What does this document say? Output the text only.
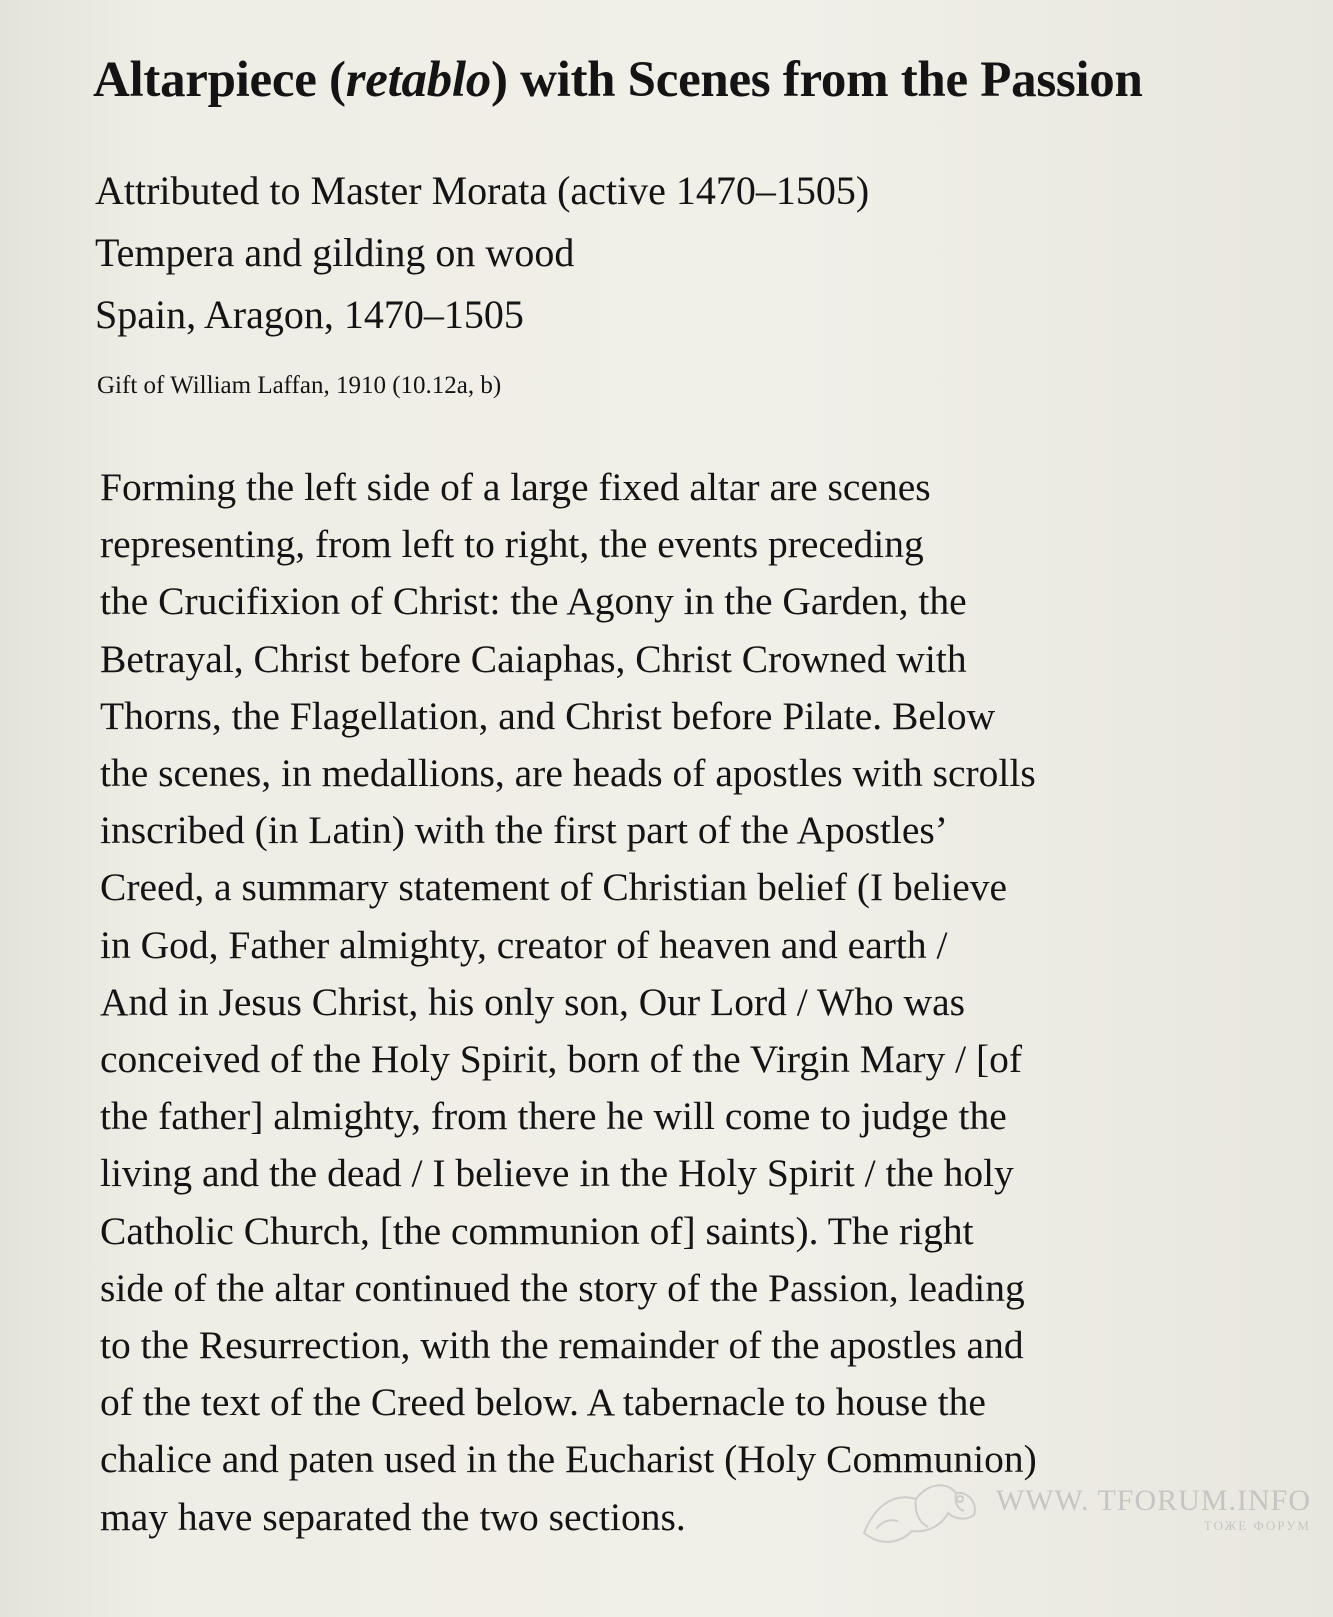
Altarpiece (retablo) with Scenes from the Passion
Attributed to Master Morata (active 1470–1505)
Tempera and gilding on wood
Spain, Aragon, 1470–1505
Gift of William Laffan, 1910 (10.12a, b)
Forming the left side of a large fixed altar are scenes
representing, from left to right, the events preceding
the Crucifixion of Christ: the Agony in the Garden, the
Betrayal, Christ before Caiaphas, Christ Crowned with
Thorns, the Flagellation, and Christ before Pilate. Below
the scenes, in medallions, are heads of apostles with scrolls
inscribed (in Latin) with the first part of the Apostles’
Creed, a summary statement of Christian belief (I believe
in God, Father almighty, creator of heaven and earth /
And in Jesus Christ, his only son, Our Lord / Who was
conceived of the Holy Spirit, born of the Virgin Mary / [of
the father] almighty, from there he will come to judge the
living and the dead / I believe in the Holy Spirit / the holy
Catholic Church, [the communion of] saints). The right
side of the altar continued the story of the Passion, leading
to the Resurrection, with the remainder of the apostles and
of the text of the Creed below. A tabernacle to house the
chalice and paten used in the Eucharist (Holy Communion)
may have separated the two sections.	WWW. TFORUM.INFO
ТОЖЕ ФОРУМ
